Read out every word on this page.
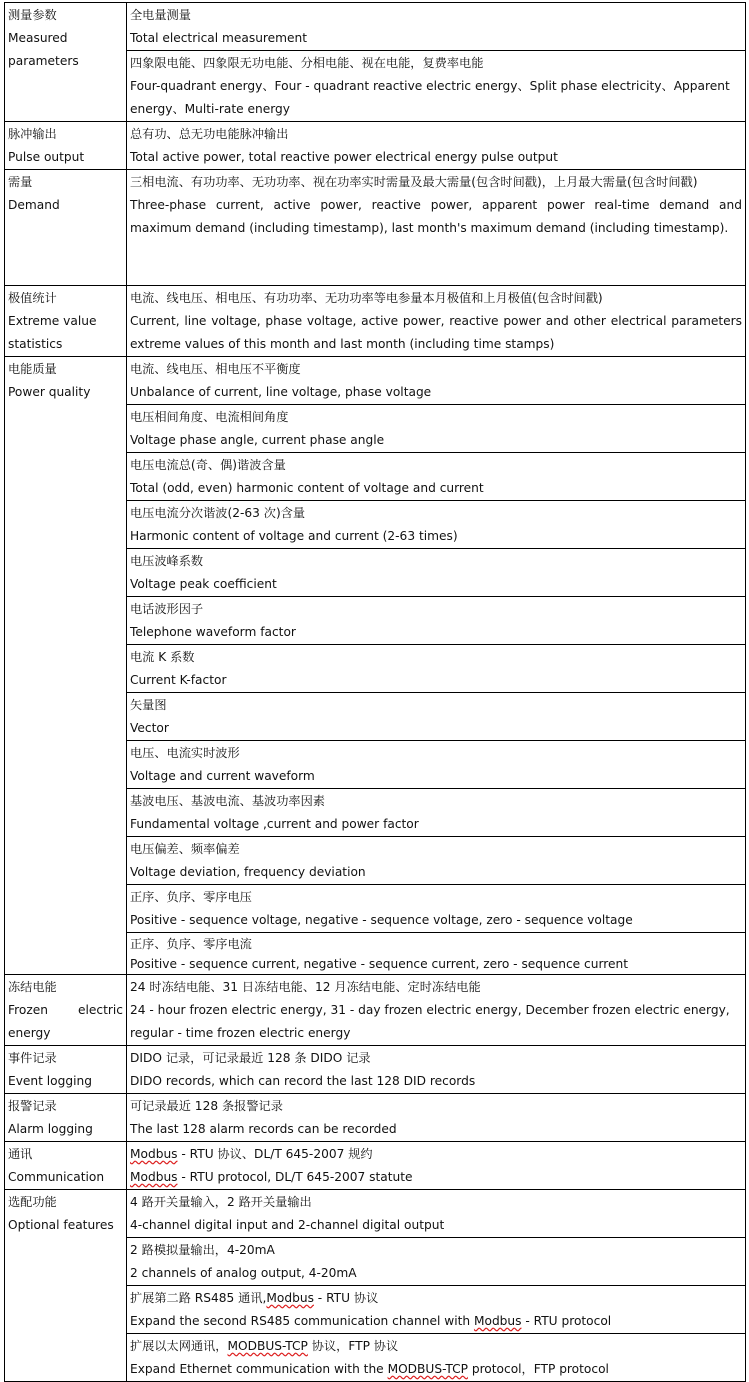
测量参数
Measured parameters	全电量测量
Total electrical measurement

	四象限电能、四象限无功电能、分相电能、视在电能，复费率电能
Four-quadrant energy、Four - quadrant reactive electric energy、Split phase electricity、Apparent energy、Multi-rate energy

脉冲输出
Pulse output	总有功、总无功电能脉冲输出
Total active power, total reactive power electrical energy pulse output

需量
Demand	三相电流、有功功率、无功功率、视在功率实时需量及最大需量(包含时间戳)，上月最大需量(包含时间戳)
Three-phase current, active power, reactive power, apparent power real-time demand and maximum demand (including timestamp), last month's maximum demand (including timestamp).

极值统计
Extreme value statistics	电流、线电压、相电压、有功功率、无功功率等电参量本月极值和上月极值(包含时间戳)
Current, line voltage, phase voltage, active power, reactive power and other electrical parameters extreme values of this month and last month (including time stamps)

电能质量
Power quality	电流、线电压、相电压不平衡度
Unbalance of current, line voltage, phase voltage

	电压相间角度、电流相间角度
Voltage phase angle, current phase angle

	电压电流总(奇、偶)谐波含量
Total (odd, even) harmonic content of voltage and current

	电压电流分次谐波(2-63 次)含量
Harmonic content of voltage and current (2-63 times)

	电压波峰系数
Voltage peak coefficient

	电话波形因子
Telephone waveform factor

	电流 K 系数
Current K-factor

	矢量图
Vector

	电压、电流实时波形
Voltage and current waveform

	基波电压、基波电流、基波功率因素
Fundamental voltage ,current and power factor

	电压偏差、频率偏差
Voltage deviation, frequency deviation

	正序、负序、零序电压
Positive - sequence voltage, negative - sequence voltage, zero - sequence voltage

	正序、负序、零序电流
Positive - sequence current, negative - sequence current, zero - sequence current

冻结电能
Frozen electric energy	24 时冻结电能、31 日冻结电能、12 月冻结电能、定时冻结电能
24 - hour frozen electric energy, 31 - day frozen electric energy, December frozen electric energy, regular - time frozen electric energy

事件记录
Event logging	DIDO 记录，可记录最近 128 条 DIDO 记录
DIDO records, which can record the last 128 DID records

报警记录
Alarm logging	可记录最近 128 条报警记录
The last 128 alarm records can be recorded

通讯
Communication	Modbus - RTU 协议、DL/T 645-2007 规约
Modbus - RTU protocol, DL/T 645-2007 statute

选配功能
Optional features	4 路开关量输入，2 路开关量输出
4-channel digital input and 2-channel digital output

	2 路模拟量输出，4-20mA
2 channels of analog output, 4-20mA

	扩展第二路 RS485 通讯,Modbus - RTU 协议
Expand the second RS485 communication channel with Modbus - RTU protocol

	扩展以太网通讯，MODBUS-TCP 协议，FTP 协议
Expand Ethernet communication with the MODBUS-TCP protocol，FTP protocol
